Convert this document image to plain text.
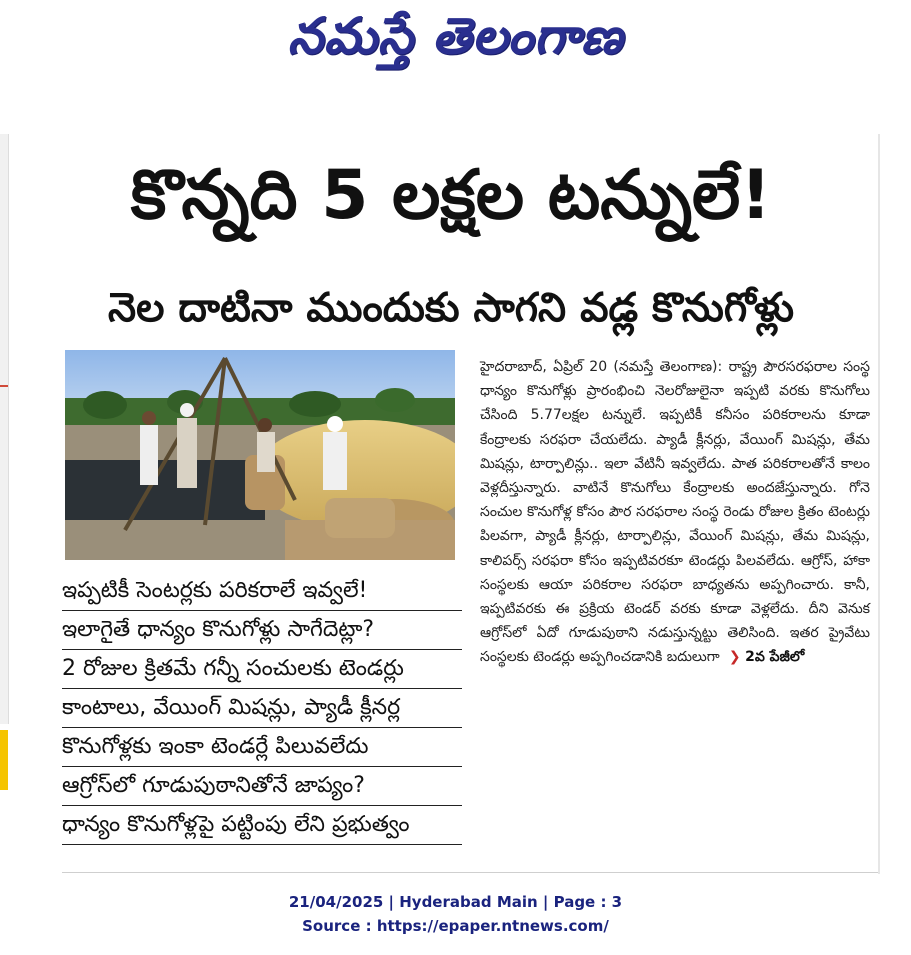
నమస్తే తెలంగాణ
కొన్నది 5 లక్షల టన్నులే!
నెల దాటినా ముందుకు సాగని వడ్ల కొనుగోళ్లు
ఇప్పటికీ సెంటర్లకు పరికరాలే ఇవ్వలే!
ఇలాగైతే ధాన్యం కొనుగోళ్లు సాగేదెట్లా?
2 రోజుల క్రితమే గన్నీ సంచులకు టెండర్లు
కాంటాలు, వేయింగ్ మిషన్లు, ప్యాడీ క్లీనర్ల
కొనుగోళ్లకు ఇంకా టెండర్లే పిలువలేదు
ఆగ్రోస్‌లో గూడుపుఠానితోనే జాప్యం?
ధాన్యం కొనుగోళ్లపై పట్టింపు లేని ప్రభుత్వం

హైదరాబాద్, ఏప్రిల్ 20 (నమస్తే తెలంగాణ): రాష్ట్ర పౌరసరఫరాల సంస్థ ధాన్యం కొనుగోళ్లు ప్రారంభించి నెలరోజులైనా ఇప్పటి వరకు కొనుగోలు చేసింది 5.77లక్షల టన్నులే. ఇప్పటికీ కనీసం పరికరాలను కూడా కేంద్రాలకు సరఫరా చేయలేదు. ప్యాడీ క్లీనర్లు, వేయింగ్ మిషన్లు, తేమ మిషన్లు, టార్పాలిన్లు.. ఇలా వేటినీ ఇవ్వలేదు. పాత పరికరాలతోనే కాలం వెళ్లదీస్తున్నారు. వాటినే కొనుగోలు కేంద్రాలకు అందజేస్తున్నారు. గోనె సంచుల కొనుగోళ్ల కోసం పౌర సరఫరాల సంస్థ రెండు రోజుల క్రితం టెంటర్లు పిలవగా, ప్యాడీ క్లీనర్లు, టార్పాలిన్లు, వేయింగ్ మిషన్లు, తేమ మిషన్లు, కాలిపర్స్ సరఫరా కోసం ఇప్పటివరకూ టెండర్లు పిలవలేదు. ఆగ్రోస్, హాకా సంస్థలకు ఆయా పరికరాల సరఫరా బాధ్యతను అప్పగించారు. కానీ, ఇప్పటివరకు ఈ ప్రక్రియ టెండర్ వరకు కూడా వెళ్లలేదు. దీని వెనుక ఆగ్రోస్‌లో ఏదో గూడుపుఠాని నడుస్తున్నట్టు తెలిసింది. ఇతర ప్రైవేటు సంస్థలకు టెండర్లు అప్పగించడానికి బదులుగా  ❯ 2వ పేజీలో

21/04/2025 | Hyderabad Main | Page : 3
Source : https://epaper.ntnews.com/
